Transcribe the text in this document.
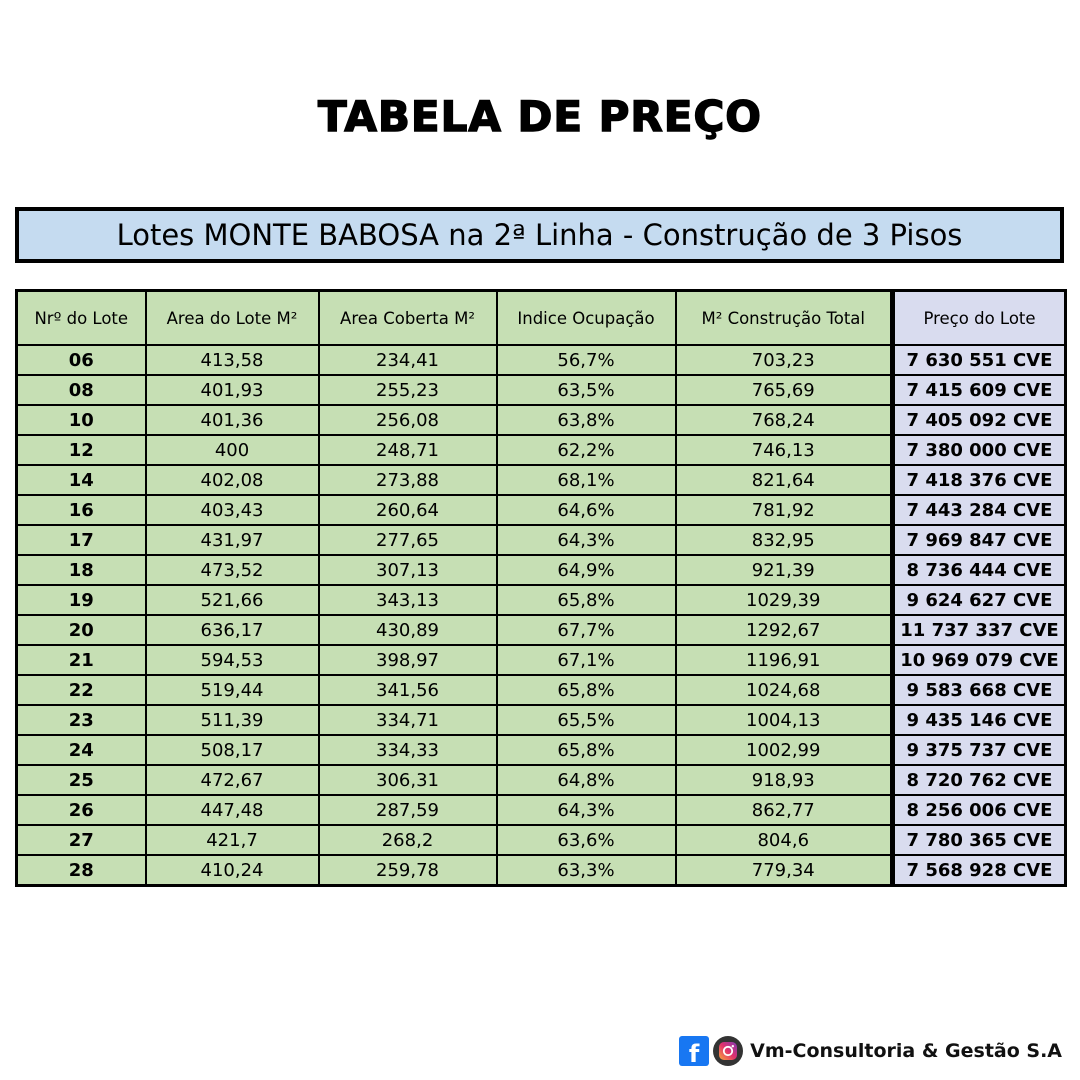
TABELA DE PREÇO
Lotes MONTE BABOSA na 2ª Linha - Construção de 3 Pisos
Nrº do Lote	Area do Lote M²	Area Coberta M²	Indice Ocupação	M² Construção Total	Preço do Lote
06	413,58	234,41	56,7%	703,23	7 630 551 CVE
08	401,93	255,23	63,5%	765,69	7 415 609 CVE
10	401,36	256,08	63,8%	768,24	7 405 092 CVE
12	400	248,71	62,2%	746,13	7 380 000 CVE
14	402,08	273,88	68,1%	821,64	7 418 376 CVE
16	403,43	260,64	64,6%	781,92	7 443 284 CVE
17	431,97	277,65	64,3%	832,95	7 969 847 CVE
18	473,52	307,13	64,9%	921,39	8 736 444 CVE
19	521,66	343,13	65,8%	1029,39	9 624 627 CVE
20	636,17	430,89	67,7%	1292,67	11 737 337 CVE
21	594,53	398,97	67,1%	1196,91	10 969 079 CVE
22	519,44	341,56	65,8%	1024,68	9 583 668 CVE
23	511,39	334,71	65,5%	1004,13	9 435 146 CVE
24	508,17	334,33	65,8%	1002,99	9 375 737 CVE
25	472,67	306,31	64,8%	918,93	8 720 762 CVE
26	447,48	287,59	64,3%	862,77	8 256 006 CVE
27	421,7	268,2	63,6%	804,6	7 780 365 CVE
28	410,24	259,78	63,3%	779,34	7 568 928 CVE
f	Vm-Consultoria & Gestão S.A
